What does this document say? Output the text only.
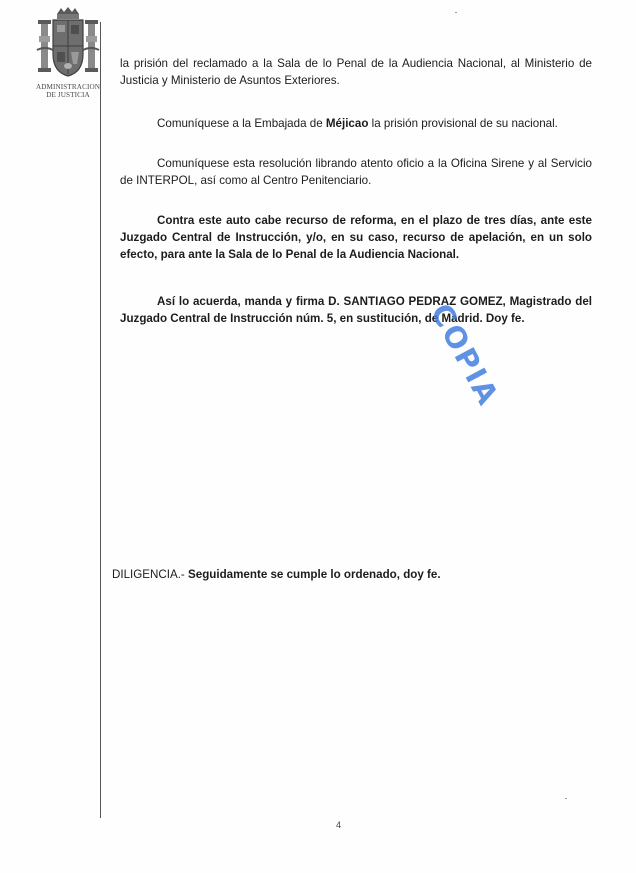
ADMINISTRACION
DE JUSTICIA

la prisión del reclamado a la Sala de lo Penal de la Audiencia Nacional, al Ministerio de Justicia y Ministerio de Asuntos Exteriores.

Comuníquese a la Embajada de Méjicao la prisión provisional de su nacional.

Comuníquese esta resolución librando atento oficio a la Oficina Sirene y al Servicio de INTERPOL, así como al Centro Penitenciario.

Contra este auto cabe recurso de reforma, en el plazo de tres días, ante este Juzgado Central de Instrucción, y/o, en su caso, recurso de apelación, en un solo efecto, para ante la Sala de lo Penal de la Audiencia Nacional.

Así lo acuerda, manda y firma D. SANTIAGO PEDRAZ GOMEZ, Magistrado del Juzgado Central de Instrucción núm. 5, en sustitución, de Madrid. Doy fe.

COPIA

DILIGENCIA.- Seguidamente se cumple lo ordenado, doy fe.

4
